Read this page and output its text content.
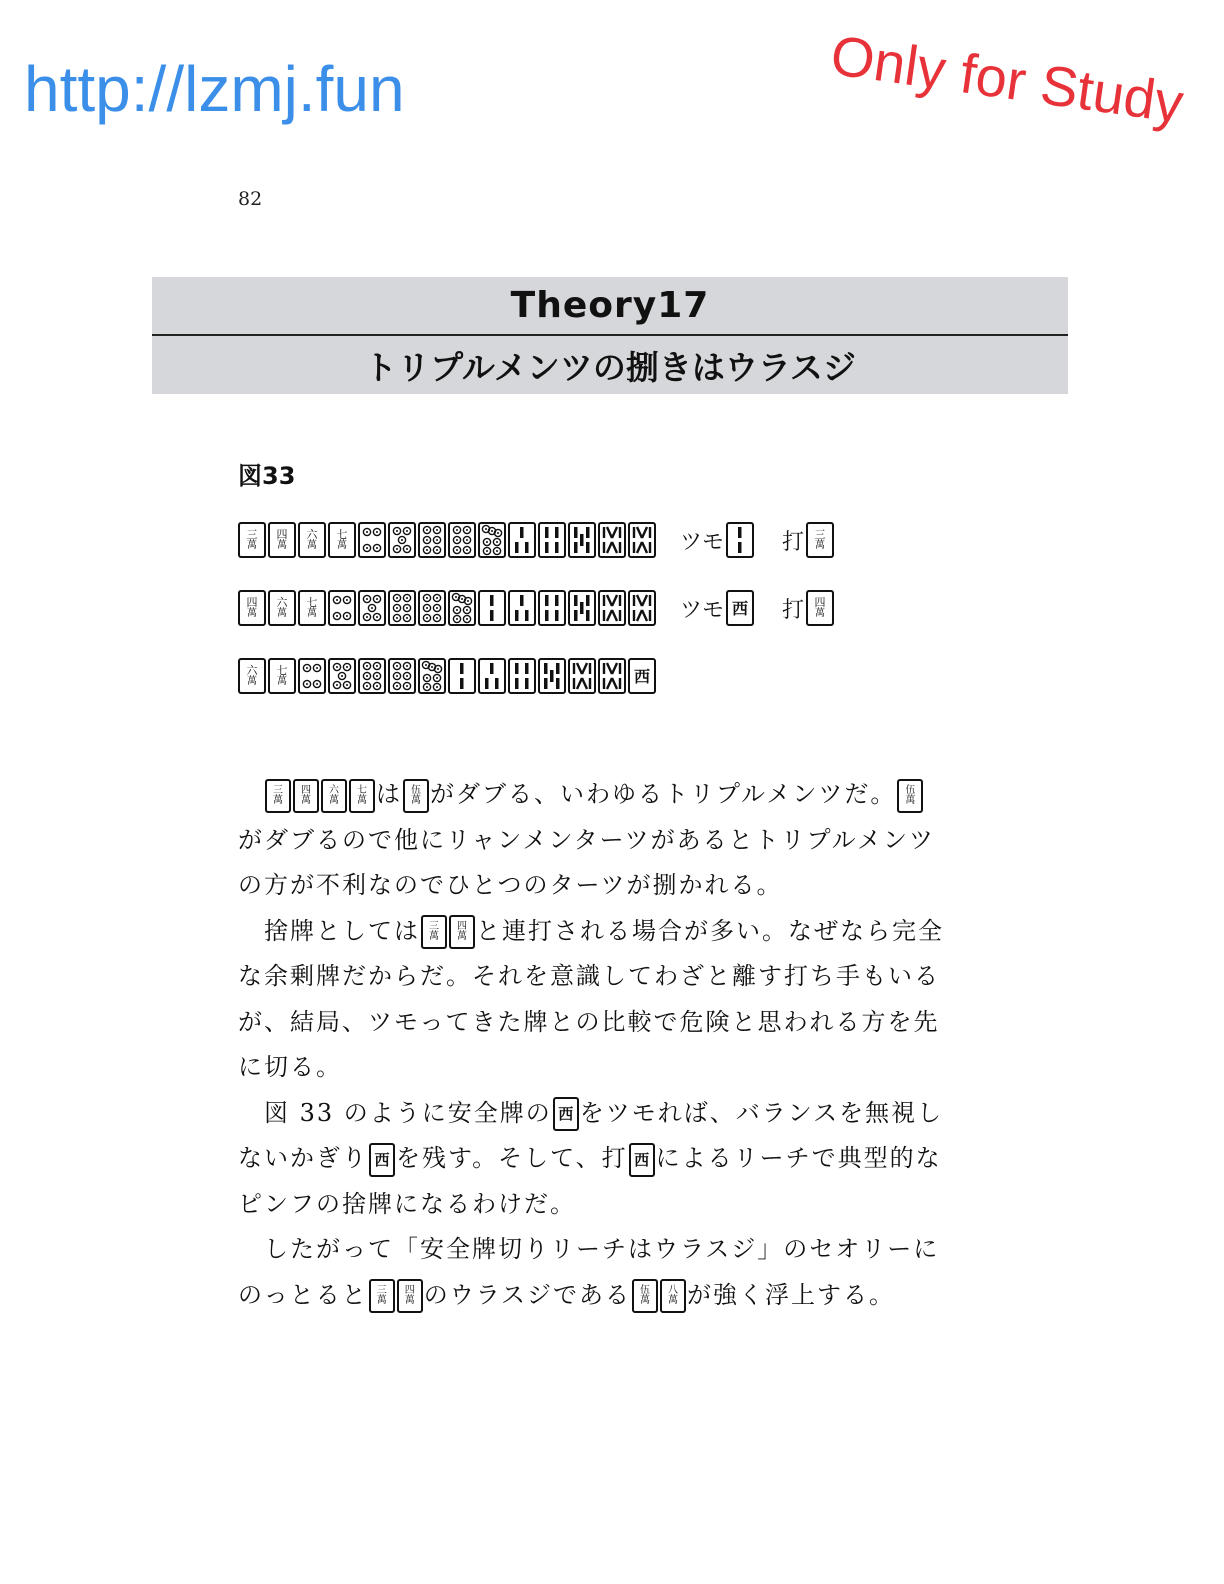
http://lzmj.fun	Only for Study
82
Theory17
トリプルメンツの捌きはウラスジ
図33
三
萬
四
萬
六
萬
七
萬	ツモ	打 三
萬
四
萬
六
萬
七
萬	ツモ 西 打 四
萬
六
萬
七
萬	西

三
萬
四
萬
六
萬
七
萬 は 伍
萬 がダブる、いわゆるトリプルメンツだ。 伍
萬
がダブるので他にリャンメンターツがあるとトリプルメンツの方が不利なのでひとつのターツが捌かれる。

捨牌としては 三
萬
四
萬 と連打される場合が多い。なぜなら完全な余剰牌だからだ。それを意識してわざと離す打ち手もいるが、結局、ツモってきた牌との比較で危険と思われる方を先に切る。

図 33 のように安全牌の 西 をツモれば、バランスを無視しないかぎり 西 を残す。そして、打 西 によるリーチで典型的なピンフの捨牌になるわけだ。

したがって「安全牌切りリーチはウラスジ」のセオリーにのっとると 三
萬
四
萬 のウラスジである 伍
萬
八
萬 が強く浮上する。
